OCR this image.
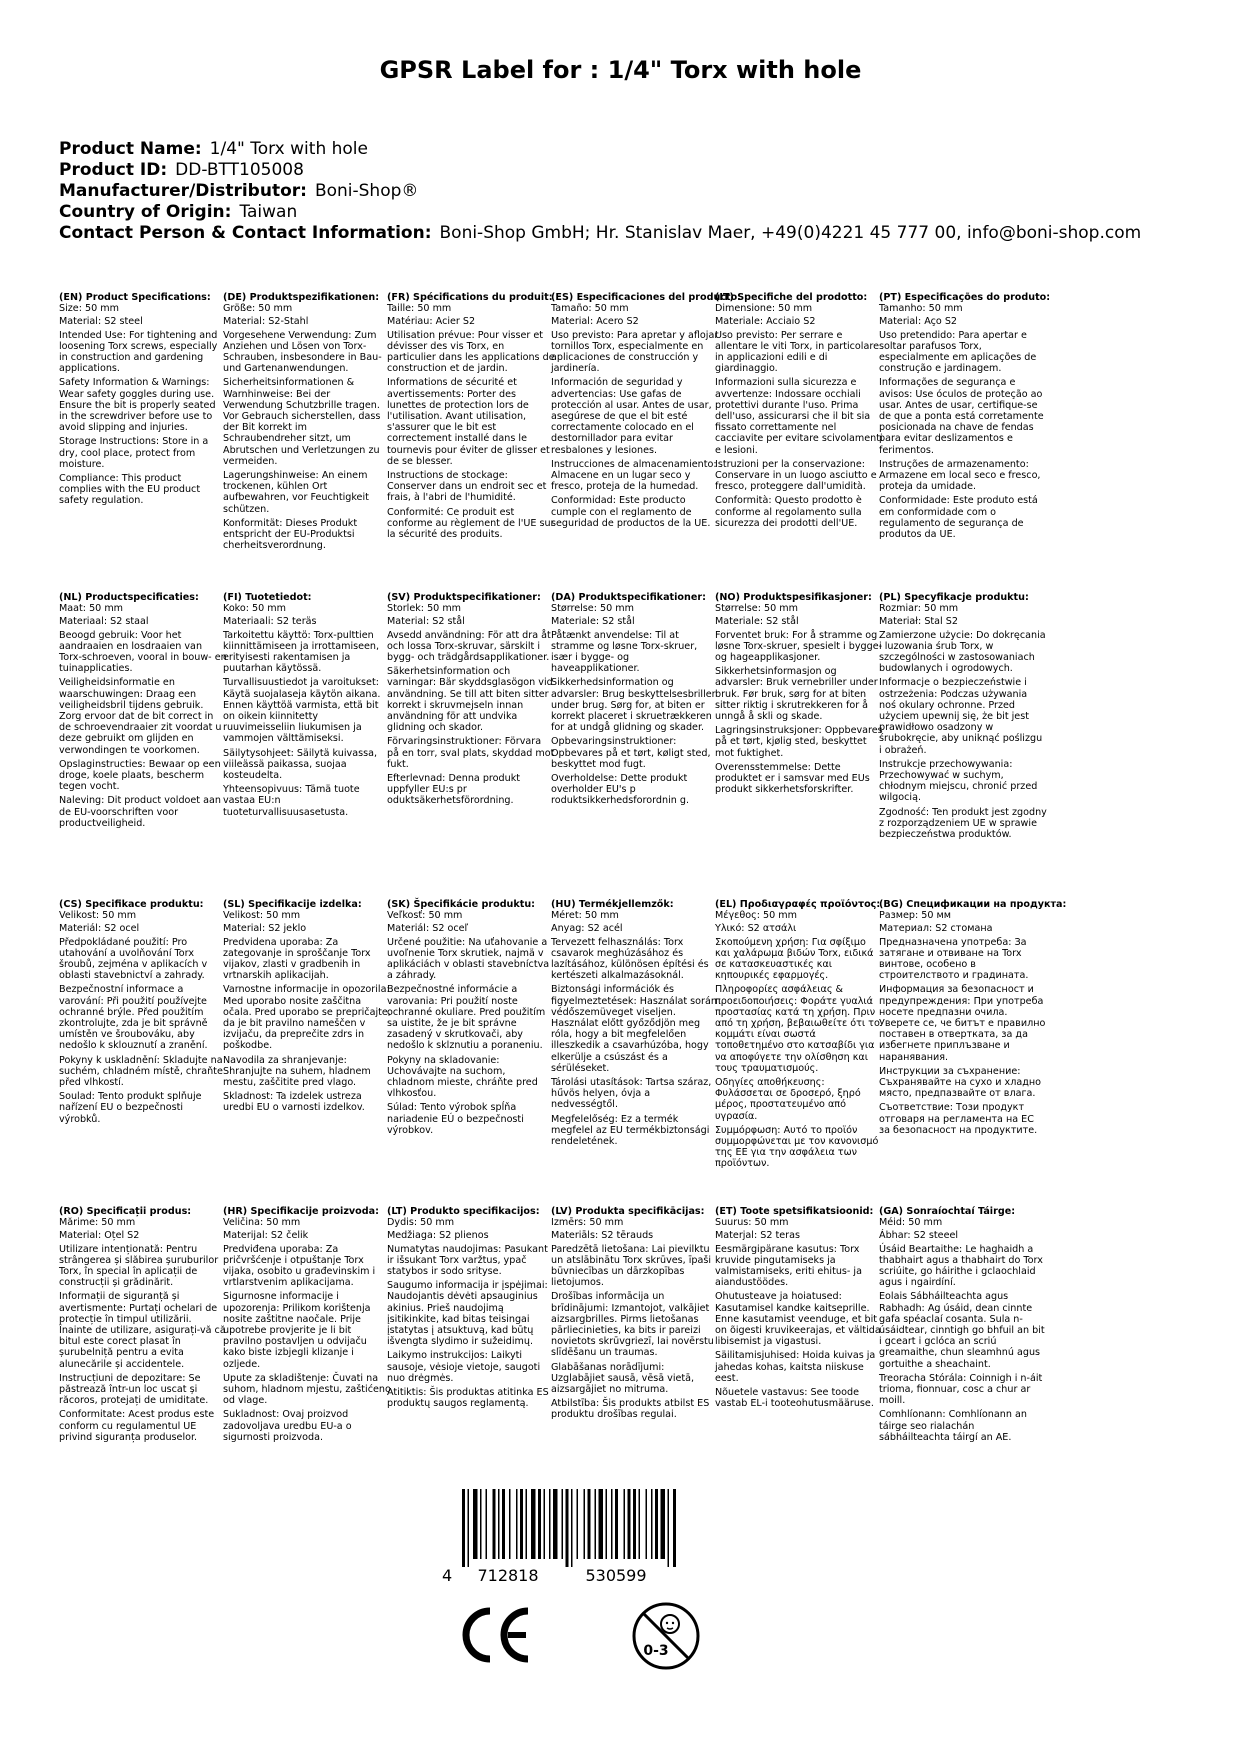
GPSR Label for : 1/4" Torx with hole
Product Name: 1/4" Torx with hole
Product ID: DD-BTT105008
Manufacturer/Distributor: Boni-Shop®
Country of Origin: Taiwan
Contact Person & Contact Information: Boni-Shop GmbH; Hr. Stanislav Maer, +49(0)4221 45 777 00, info@boni-shop.com
(EN) Product Specifications:

Size: 50 mm

Material: S2 steel

Intended Use: For tightening and loosening Torx screws, especially in construction and gardening applications.

Safety Information & Warnings: Wear safety goggles during use. Ensure the bit is properly seated in the screwdriver before use to avoid slipping and injuries.

Storage Instructions: Store in a dry, cool place, protect from moisture.

Compliance: This product complies with the EU product safety regulation.

(DE) Produktspezifikationen:

Größe: 50 mm

Material: S2-Stahl

Vorgesehene Verwendung: Zum Anziehen und Lösen von Torx-Schrauben, insbesondere in Bau- und Gartenanwendungen.

Sicherheitsinformationen & Warnhinweise: Bei der Verwendung Schutzbrille tragen. Vor Gebrauch sicherstellen, dass der Bit korrekt im Schraubendreher sitzt, um Abrutschen und Verletzungen zu vermeiden.

Lagerungshinweise: An einem trockenen, kühlen Ort aufbewahren, vor Feuchtigkeit schützen.

Konformität: Dieses Produkt entspricht der EU-Produktsi cherheitsverordnung.

(FR) Spécifications du produit:

Taille: 50 mm

Matériau: Acier S2

Utilisation prévue: Pour visser et dévisser des vis Torx, en particulier dans les applications de construction et de jardin.

Informations de sécurité et avertissements: Porter des lunettes de protection lors de l'utilisation. Avant utilisation, s'assurer que le bit est correctement installé dans le tournevis pour éviter de glisser et de se blesser.

Instructions de stockage: Conserver dans un endroit sec et frais, à l'abri de l'humidité.

Conformité: Ce produit est conforme au règlement de l'UE sur la sécurité des produits.

(ES) Especificaciones del producto:

Tamaño: 50 mm

Material: Acero S2

Uso previsto: Para apretar y aflojar tornillos Torx, especialmente en aplicaciones de construcción y jardinería.

Información de seguridad y advertencias: Use gafas de protección al usar. Antes de usar, asegúrese de que el bit esté correctamente colocado en el destornillador para evitar resbalones y lesiones.

Instrucciones de almacenamiento: Almacene en un lugar seco y fresco, proteja de la humedad.

Conformidad: Este producto cumple con el reglamento de seguridad de productos de la UE.

(IT) Specifiche del prodotto:

Dimensione: 50 mm

Materiale: Acciaio S2

Uso previsto: Per serrare e allentare le viti Torx, in particolare in applicazioni edili e di giardinaggio.

Informazioni sulla sicurezza e avvertenze: Indossare occhiali protettivi durante l'uso. Prima dell'uso, assicurarsi che il bit sia fissato correttamente nel cacciavite per evitare scivolamenti e lesioni.

Istruzioni per la conservazione: Conservare in un luogo asciutto e fresco, proteggere dall'umidità.

Conformità: Questo prodotto è conforme al regolamento sulla sicurezza dei prodotti dell'UE.

(PT) Especificações do produto:

Tamanho: 50 mm

Material: Aço S2

Uso pretendido: Para apertar e soltar parafusos Torx, especialmente em aplicações de construção e jardinagem.

Informações de segurança e avisos: Use óculos de proteção ao usar. Antes de usar, certifique-se de que a ponta está corretamente posicionada na chave de fendas para evitar deslizamentos e ferimentos.

Instruções de armazenamento: Armazene em local seco e fresco, proteja da umidade.

Conformidade: Este produto está em conformidade com o regulamento de segurança de produtos da UE.

(NL) Productspecificaties:

Maat: 50 mm

Materiaal: S2 staal

Beoogd gebruik: Voor het aandraaien en losdraaien van Torx-schroeven, vooral in bouw- en tuinapplicaties.

Veiligheidsinformatie en waarschuwingen: Draag een veiligheidsbril tijdens gebruik. Zorg ervoor dat de bit correct in de schroevendraaier zit voordat u deze gebruikt om glijden en verwondingen te voorkomen.

Opslaginstructies: Bewaar op een droge, koele plaats, bescherm tegen vocht.

Naleving: Dit product voldoet aan de EU-voorschriften voor productveiligheid.

(FI) Tuotetiedot:

Koko: 50 mm

Materiaali: S2 teräs

Tarkoitettu käyttö: Torx-pulttien kiinnittämiseen ja irrottamiseen, erityisesti rakentamisen ja puutarhan käytössä.

Turvallisuustiedot ja varoitukset: Käytä suojalaseja käytön aikana. Ennen käyttöä varmista, että bit on oikein kiinnitetty ruuvimeisseliin liukumisen ja vammojen välttämiseksi.

Säilytysohjeet: Säilytä kuivassa, viileässä paikassa, suojaa kosteudelta.

Yhteensopivuus: Tämä tuote vastaa EU:n tuoteturvallisuusasetusta.

(SV) Produktspecifikationer:

Storlek: 50 mm

Material: S2 stål

Avsedd användning: För att dra åt och lossa Torx-skruvar, särskilt i bygg- och trädgårdsapplikationer.

Säkerhetsinformation och varningar: Bär skyddsglasögon vid användning. Se till att biten sitter korrekt i skruvmejseln innan användning för att undvika glidning och skador.

Förvaringsinstruktioner: Förvara på en torr, sval plats, skyddad mot fukt.

Efterlevnad: Denna produkt uppfyller EU:s pr oduktsäkerhetsförordning.

(DA) Produktspecifikationer:

Størrelse: 50 mm

Materiale: S2 stål

Påtænkt anvendelse: Til at stramme og løsne Torx-skruer, især i bygge- og haveapplikationer.

Sikkerhedsinformation og advarsler: Brug beskyttelsesbriller under brug. Sørg for, at biten er korrekt placeret i skruetrækkeren for at undgå glidning og skader.

Opbevaringsinstruktioner: Opbevares på et tørt, køligt sted, beskyttet mod fugt.

Overholdelse: Dette produkt overholder EU's p roduktsikkerhedsforordnin g.

(NO) Produktspesifikasjoner:

Størrelse: 50 mm

Materiale: S2 stål

Forventet bruk: For å stramme og løsne Torx-skruer, spesielt i bygge- og hageapplikasjoner.

Sikkerhetsinformasjon og advarsler: Bruk vernebriller under bruk. Før bruk, sørg for at biten sitter riktig i skrutrekkeren for å unngå å skli og skade.

Lagringsinstruksjoner: Oppbevares på et tørt, kjølig sted, beskyttet mot fuktighet.

Overensstemmelse: Dette produktet er i samsvar med EUs produkt sikkerhetsforskrifter.

(PL) Specyfikacje produktu:

Rozmiar: 50 mm

Materiał: Stal S2

Zamierzone użycie: Do dokręcania i luzowania śrub Torx, w szczególności w zastosowaniach budowlanych i ogrodowych.

Informacje o bezpieczeństwie i ostrzeżenia: Podczas używania noś okulary ochronne. Przed użyciem upewnij się, że bit jest prawidłowo osadzony w śrubokręcie, aby uniknąć poślizgu i obrażeń.

Instrukcje przechowywania: Przechowywać w suchym, chłodnym miejscu, chronić przed wilgocią.

Zgodność: Ten produkt jest zgodny z rozporządzeniem UE w sprawie bezpieczeństwa produktów.

(CS) Specifikace produktu:

Velikost: 50 mm

Materiál: S2 ocel

Předpokládané použití: Pro utahování a uvolňování Torx šroubů, zejména v aplikacích v oblasti stavebnictví a zahrady.

Bezpečnostní informace a varování: Při použití používejte ochranné brýle. Před použitím zkontrolujte, zda je bit správně umístěn ve šroubováku, aby nedošlo k sklouznutí a zranění.

Pokyny k uskladnění: Skladujte na suchém, chladném místě, chraňte před vlhkostí.

Soulad: Tento produkt splňuje nařízení EU o bezpečnosti výrobků.

(SL) Specifikacije izdelka:

Velikost: 50 mm

Material: S2 jeklo

Predvidena uporaba: Za zategovanje in sproščanje Torx vijakov, zlasti v gradbenih in vrtnarskih aplikacijah.

Varnostne informacije in opozorila: Med uporabo nosite zaščitna očala. Pred uporabo se prepričajte, da je bit pravilno nameščen v izvijaču, da preprečite zdrs in poškodbe.

Navodila za shranjevanje: Shranjujte na suhem, hladnem mestu, zaščitite pred vlago.

Skladnost: Ta izdelek ustreza uredbi EU o varnosti izdelkov.

(SK) Špecifikácie produktu:

Veľkosť: 50 mm

Materiál: S2 oceľ

Určené použitie: Na uťahovanie a uvoľnenie Torx skrutiek, najmä v aplikáciách v oblasti stavebníctva a záhrady.

Bezpečnostné informácie a varovania: Pri použití noste ochranné okuliare. Pred použitím sa uistite, že je bit správne zasadený v skrutkovači, aby nedošlo k sklznutiu a poraneniu.

Pokyny na skladovanie: Uchovávajte na suchom, chladnom mieste, chráňte pred vlhkosťou.

Súlad: Tento výrobok spĺňa nariadenie EÚ o bezpečnosti výrobkov.

(HU) Termékjellemzők:

Méret: 50 mm

Anyag: S2 acél

Tervezett felhasználás: Torx csavarok meghúzásához és lazításához, különösen építési és kertészeti alkalmazásoknál.

Biztonsági információk és figyelmeztetések: Használat során védőszemüveget viseljen. Használat előtt győződjön meg róla, hogy a bit megfelelően illeszkedik a csavarhúzóba, hogy elkerülje a csúszást és a sérüléseket.

Tárolási utasítások: Tartsa száraz, hűvös helyen, óvja a nedvességtől.

Megfelelőség: Ez a termék megfelel az EU termékbiztonsági rendeletének.

(EL) Προδιαγραφές προϊόντος:

Μέγεθος: 50 mm

Υλικό: S2 ατσάλι

Σκοπούμενη χρήση: Για σφίξιμο και χαλάρωμα βιδών Torx, ειδικά σε κατασκευαστικές και κηπουρικές εφαρμογές.

Πληροφορίες ασφάλειας & προειδοποιήσεις: Φοράτε γυαλιά προστασίας κατά τη χρήση. Πριν από τη χρήση, βεβαιωθείτε ότι το κομμάτι είναι σωστά τοποθετημένο στο κατσαβίδι για να αποφύγετε την ολίσθηση και τους τραυματισμούς.

Οδηγίες αποθήκευσης: Φυλάσσεται σε δροσερό, ξηρό μέρος, προστατευμένο από υγρασία.

Συμμόρφωση: Αυτό το προϊόν συμμορφώνεται με τον κανονισμό της ΕΕ για την ασφάλεια των προϊόντων.

(BG) Спецификации на продукта:

Размер: 50 мм

Материал: S2 стомана

Предназначена употреба: За затягане и отвиване на Torx винтове, особено в строителството и градината.

Информация за безопасност и предупреждения: При употреба носете предпазни очила. Уверете се, че битът е правилно поставен в отвертката, за да избегнете приплъзване и наранявания.

Инструкции за съхранение: Съхранявайте на сухо и хладно място, предпазвайте от влага.

Съответствие: Този продукт отговаря на регламента на ЕС за безопасност на продуктите.

(RO) Specificații produs:

Mărime: 50 mm

Material: Oțel S2

Utilizare intenționată: Pentru strângerea și slăbirea șuruburilor Torx, în special în aplicații de construcții și grădinărit.

Informații de siguranță și avertismente: Purtați ochelari de protecție în timpul utilizării. Înainte de utilizare, asigurați-vă că bitul este corect plasat în șurubelniță pentru a evita alunecările și accidentele.

Instrucțiuni de depozitare: Se păstrează într-un loc uscat și răcoros, protejați de umiditate.

Conformitate: Acest produs este conform cu regulamentul UE privind siguranța produselor.

(HR) Specifikacije proizvoda:

Veličina: 50 mm

Materijal: S2 čelik

Predviđena uporaba: Za pričvršćenje i otpuštanje Torx vijaka, osobito u građevinskim i vrtlarstvenim aplikacijama.

Sigurnosne informacije i upozorenja: Prilikom korištenja nosite zaštitne naočale. Prije upotrebe provjerite je li bit pravilno postavljen u odvijaču kako biste izbjegli klizanje i ozljede.

Upute za skladištenje: Čuvati na suhom, hladnom mjestu, zaštićeno od vlage.

Sukladnost: Ovaj proizvod zadovoljava uredbu EU-a o sigurnosti proizvoda.

(LT) Produkto specifikacijos:

Dydis: 50 mm

Medžiaga: S2 plienos

Numatytas naudojimas: Pasukant ir išsukant Torx varžtus, ypač statybos ir sodo srityse.

Saugumo informacija ir įspėjimai: Naudojantis dėvėti apsauginius akinius. Prieš naudojimą įsitikinkite, kad bitas teisingai įstatytas į atsuktuvą, kad būtų išvengta slydimo ir sužeidimų.

Laikymo instrukcijos: Laikyti sausoje, vėsioje vietoje, saugoti nuo drėgmės.

Atitiktis: Šis produktas atitinka ES produktų saugos reglamentą.

(LV) Produkta specifikācijas:

Izmērs: 50 mm

Materiāls: S2 tērauds

Paredzētā lietošana: Lai pievilktu un atslābinātu Torx skrūves, īpaši būvniecības un dārzkopības lietojumos.

Drošības informācija un brīdinājumi: Izmantojot, valkājiet aizsargbrilles. Pirms lietošanas pārliecinieties, ka bits ir pareizi novietots skrūvgriezī, lai novērstu slīdēšanu un traumas.

Glabāšanas norādījumi: Uzglabājiet sausā, vēsā vietā, aizsargājiet no mitruma.

Atbilstība: Šis produkts atbilst ES produktu drošības regulai.

(ET) Toote spetsifikatsioonid:

Suurus: 50 mm

Materjal: S2 teras

Eesmärgipärane kasutus: Torx kruvide pingutamiseks ja valmistamiseks, eriti ehitus- ja aiandustöödes.

Ohutusteave ja hoiatused: Kasutamisel kandke kaitseprille. Enne kasutamist veenduge, et bit on õigesti kruvikeerajas, et vältida libisemist ja vigastusi.

Säilitamisjuhised: Hoida kuivas ja jahedas kohas, kaitsta niiskuse eest.

Nõuetele vastavus: See toode vastab EL-i tooteohutusmääruse.

(GA) Sonraíochtaí Táirge:

Méid: 50 mm

Ábhar: S2 steeel

Úsáid Beartaithe: Le haghaidh a thabhairt agus a thabhairt do Torx scriúite, go háirithe i gclaochlaid agus i ngairdíní.

Eolais Sábháilteachta agus Rabhadh: Ag úsáid, dean cinnte gafa spéaclaí cosanta. Sula n-úsáidtear, cinntigh go bhfuil an bit i gceart i gclóca an scriú greamaithe, chun sleamhnú agus gortuithe a sheachaint.

Treoracha Stórála: Coinnigh i n-áit trioma, fionnuar, cosc a chur ar moill.

Comhlíonann: Comhlíonann an táirge seo rialachán sábháilteachta táirgí an AE.

4 712818	530599
0-3
